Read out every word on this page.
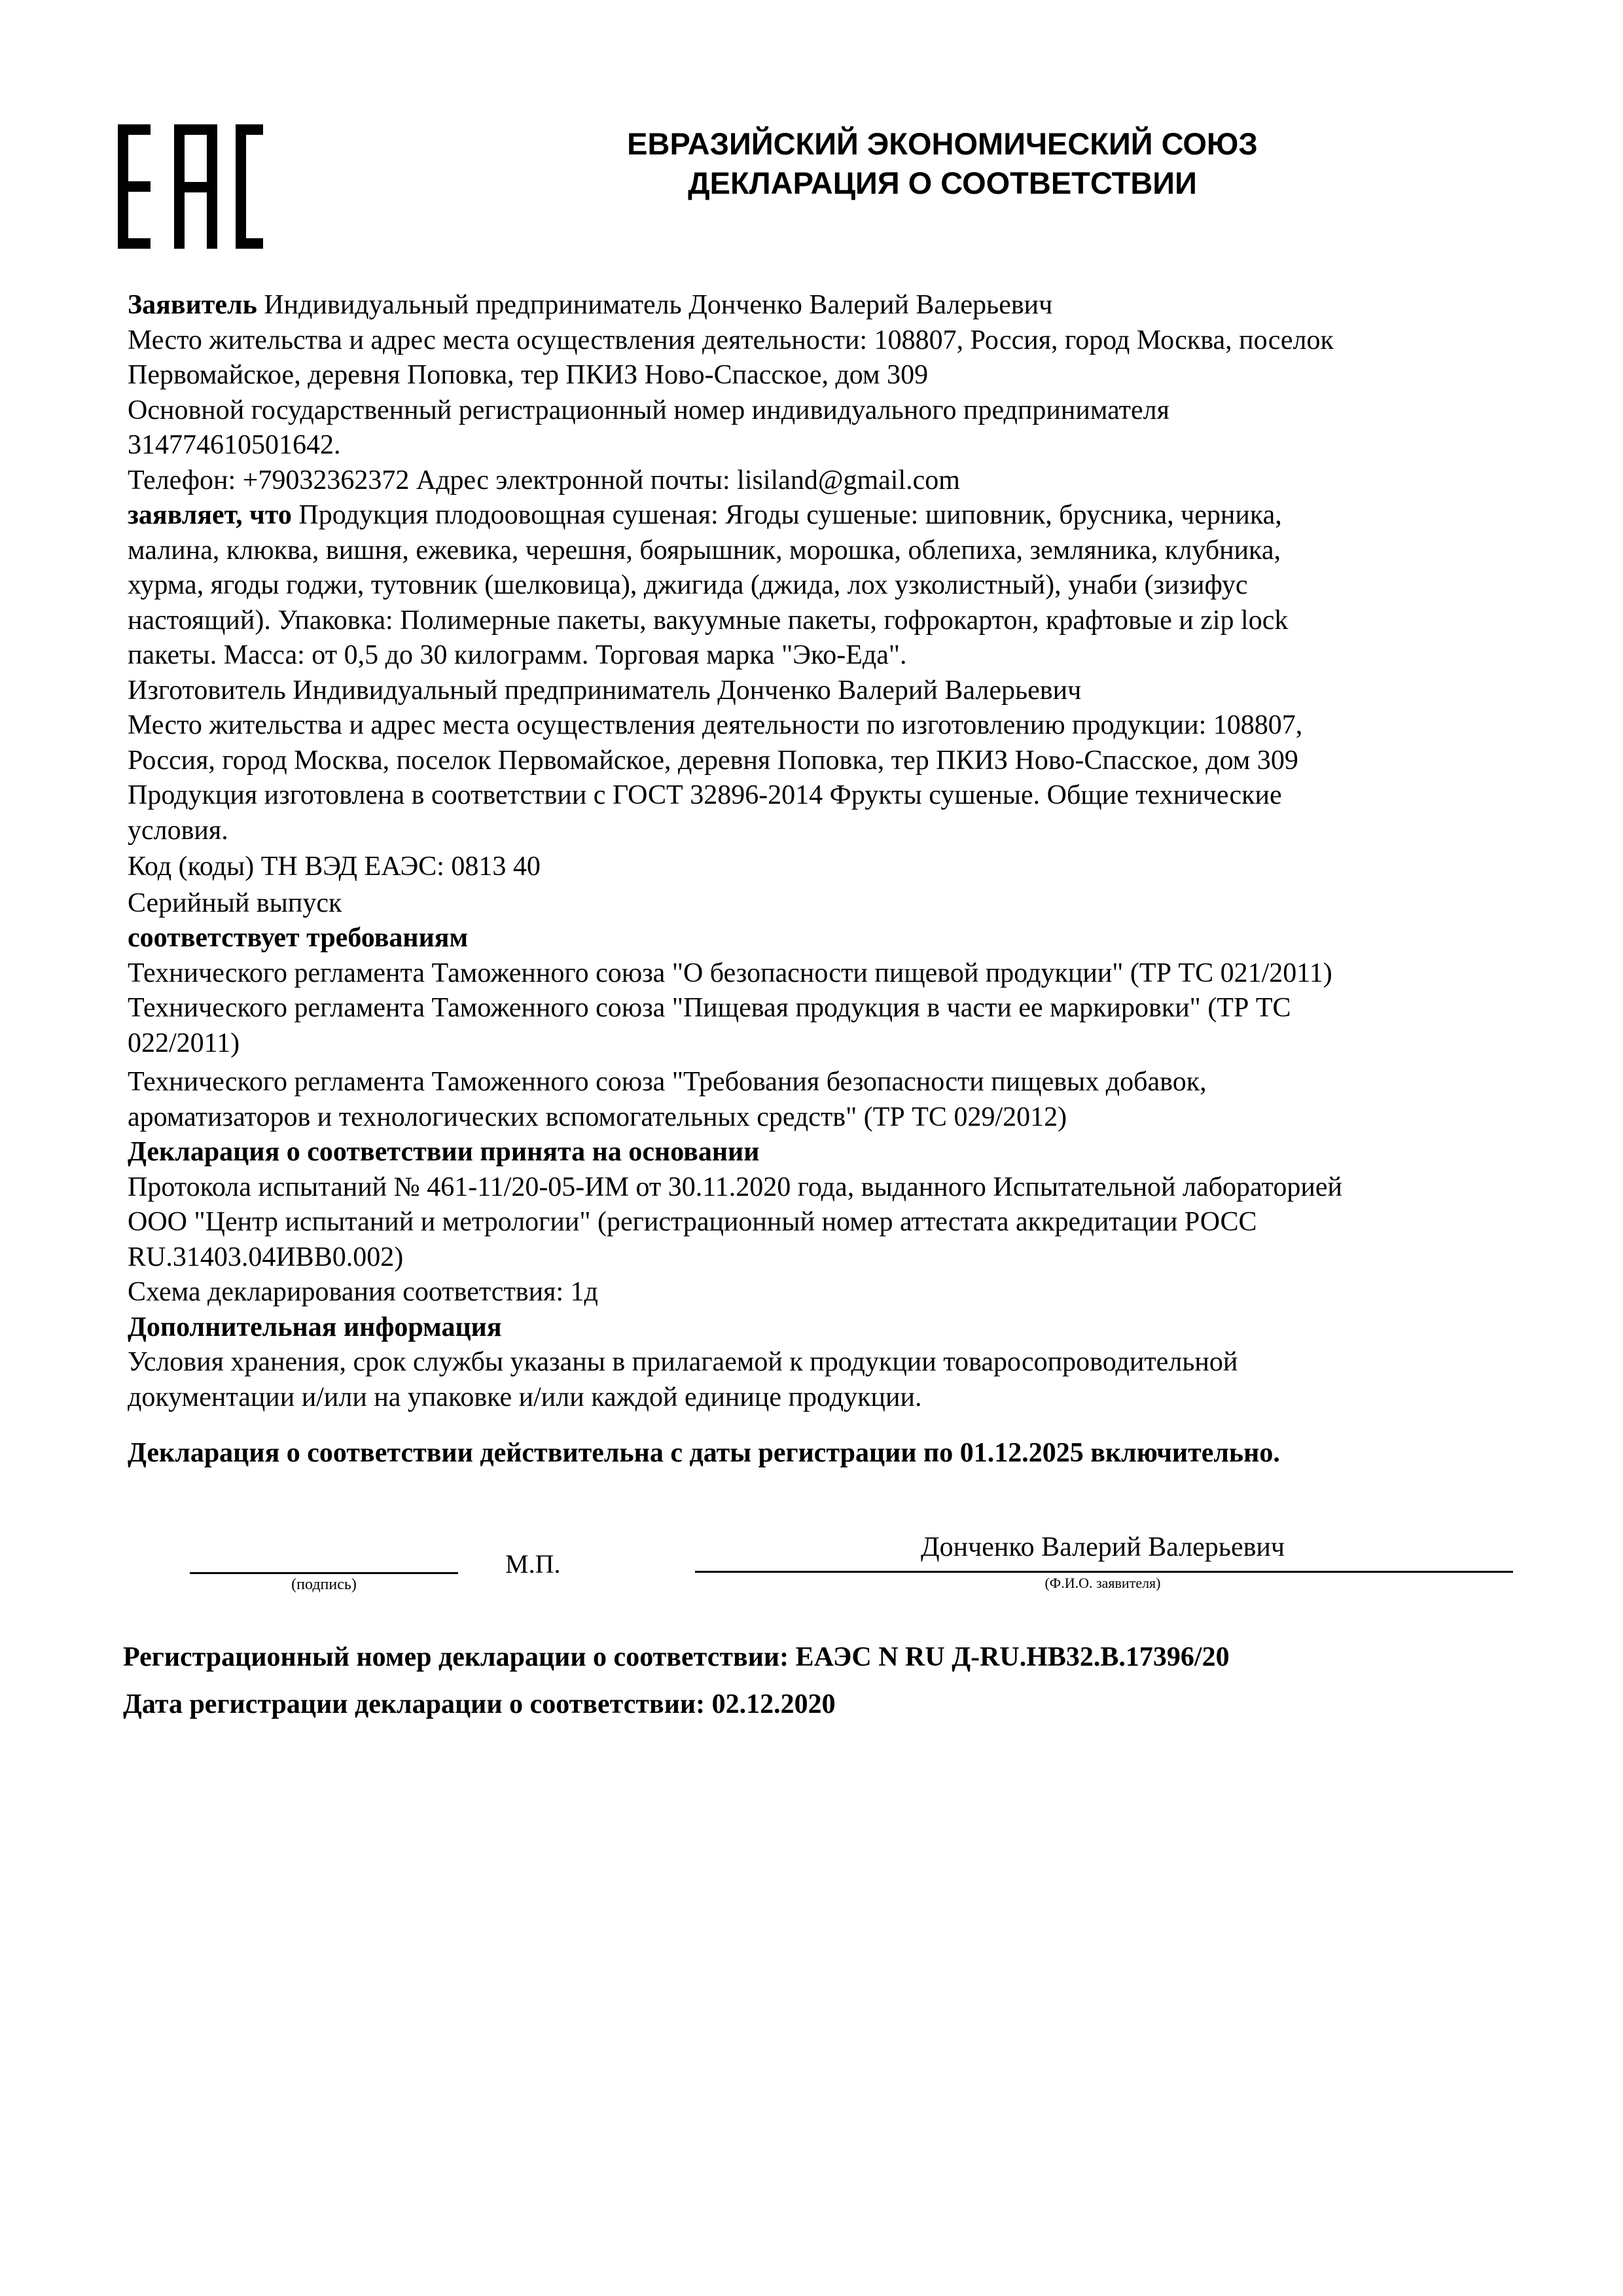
ЕВРАЗИЙСКИЙ ЭКОНОМИЧЕСКИЙ СОЮЗ
ДЕКЛАРАЦИЯ О СООТВЕТСТВИИ

Заявитель Индивидуальный предприниматель Донченко Валерий Валерьевич

Место жительства и адрес места осуществления деятельности: 108807, Россия, город Москва, поселок

Первомайское, деревня Поповка, тер ПКИЗ Ново-Спасское, дом 309

Основной государственный регистрационный номер индивидуального предпринимателя

314774610501642.

Телефон: +79032362372 Адрес электронной почты: lisiland@gmail.com

заявляет, что Продукция плодоовощная сушеная: Ягоды сушеные: шиповник, брусника, черника,

малина, клюква, вишня, ежевика, черешня, боярышник, морошка, облепиха, земляника, клубника,

хурма, ягоды годжи, тутовник (шелковица), джигида (джида, лох узколистный), унаби (зизифус

настоящий). Упаковка: Полимерные пакеты, вакуумные пакеты, гофрокартон, крафтовые и zip lock

пакеты. Масса: от 0,5 до 30 килограмм. Торговая марка "Эко-Еда".

Изготовитель Индивидуальный предприниматель Донченко Валерий Валерьевич

Место жительства и адрес места осуществления деятельности по изготовлению продукции: 108807,

Россия, город Москва, поселок Первомайское, деревня Поповка, тер ПКИЗ Ново-Спасское, дом 309

Продукция изготовлена в соответствии с ГОСТ 32896-2014 Фрукты сушеные. Общие технические

условия.

Код (коды) ТН ВЭД ЕАЭС: 0813 40

Серийный выпуск

соответствует требованиям

Технического регламента Таможенного союза "О безопасности пищевой продукции" (ТР ТС 021/2011)

Технического регламента Таможенного союза "Пищевая продукция в части ее маркировки" (ТР ТС

022/2011)

Технического регламента Таможенного союза "Требования безопасности пищевых добавок,

ароматизаторов и технологических вспомогательных средств" (ТР ТС 029/2012)

Декларация о соответствии принята на основании

Протокола испытаний № 461-11/20-05-ИМ от 30.11.2020 года, выданного Испытательной лабораторией

ООО "Центр испытаний и метрологии" (регистрационный номер аттестата аккредитации РОСС

RU.31403.04ИВВ0.002)

Схема декларирования соответствия: 1д

Дополнительная информация

Условия хранения, срок службы указаны в прилагаемой к продукции товаросопроводительной

документации и/или на упаковке и/или каждой единице продукции.

Декларация о соответствии действительна с даты регистрации по 01.12.2025 включительно.

(подпись)
М.П.
Донченко Валерий Валерьевич
(Ф.И.О. заявителя)
Регистрационный номер декларации о соответствии: ЕАЭС N RU Д-RU.НВ32.В.17396/20
Дата регистрации декларации о соответствии: 02.12.2020
